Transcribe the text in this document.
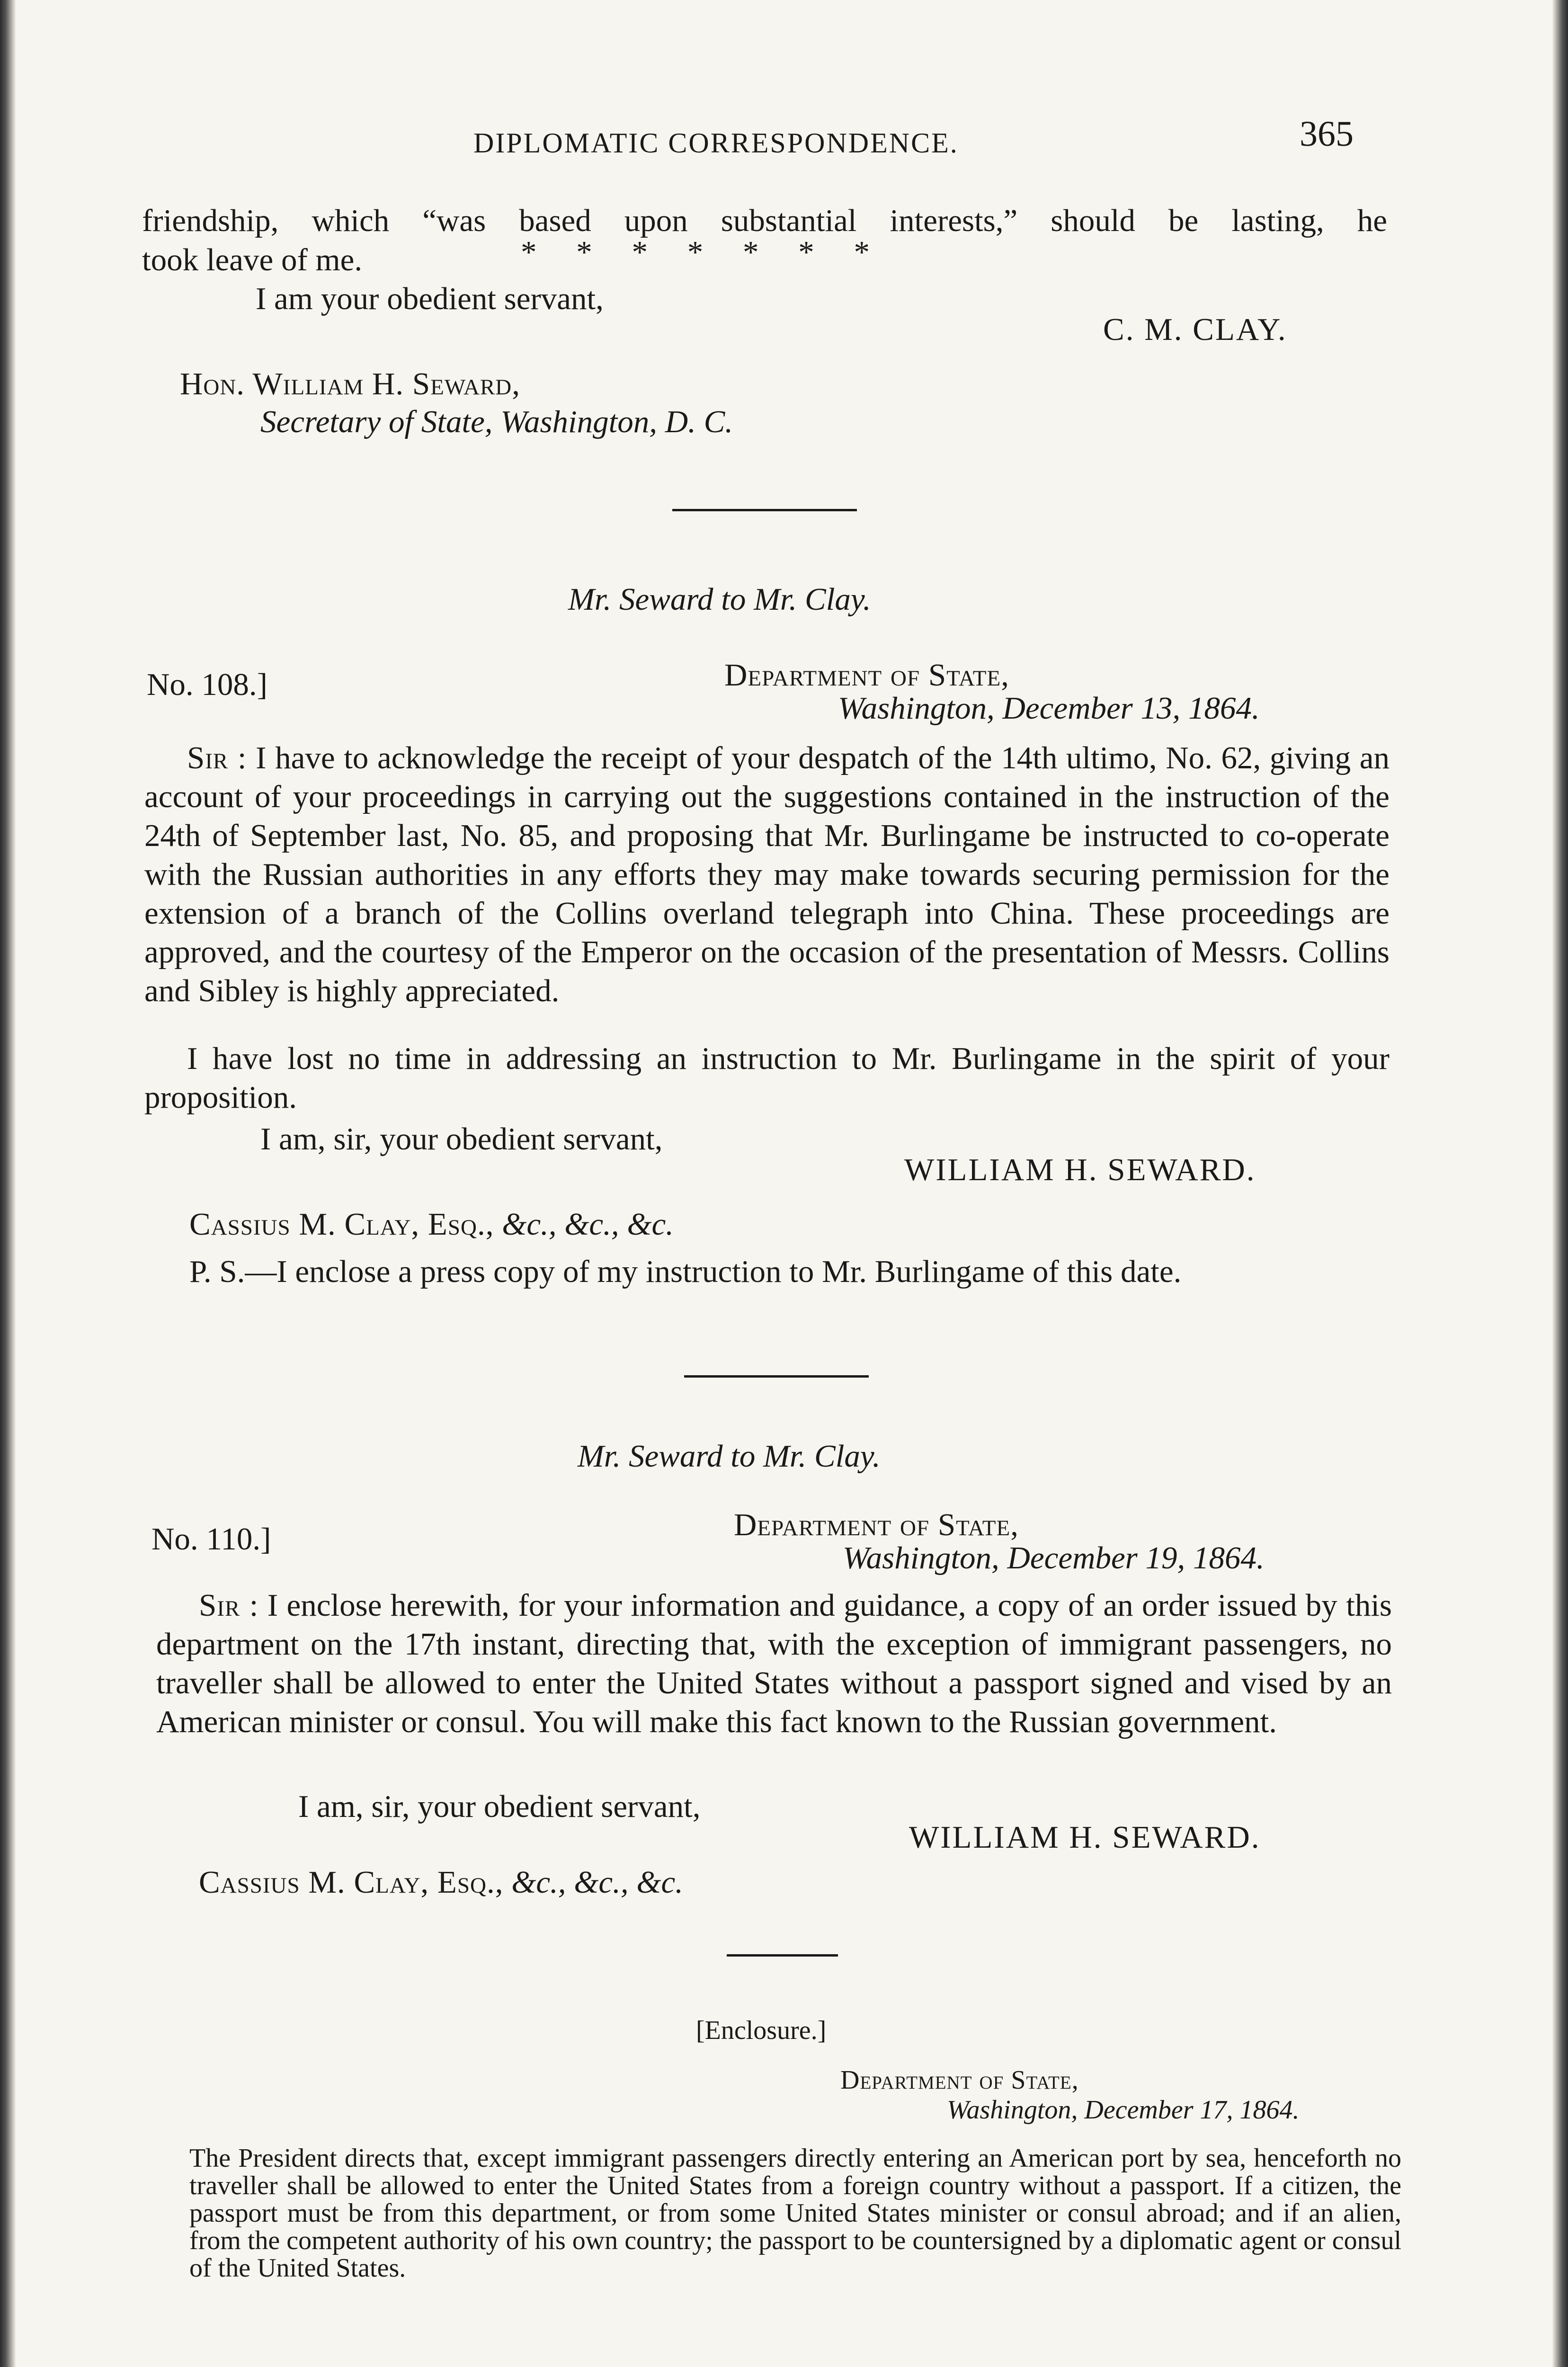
DIPLOMATIC CORRESPONDENCE.	365
friendship, which “was based upon substantial interests,” should be lasting, he
took leave of me.	*     *     *     *     *     *     *
I am your obedient servant,
C. M. CLAY.
Hon. William H. Seward,
Secretary of State, Washington, D. C.
Mr. Seward to Mr. Clay.
No. 108.]	Department of State,
Washington, December 13, 1864.
Sir : I have to acknowledge the receipt of your despatch of the 14th ultimo, No. 62, giving an account of your proceedings in carrying out the suggestions contained in the instruction of the 24th of September last, No. 85, and proposing that Mr. Burlingame be instructed to co-operate with the Russian authorities in any efforts they may make towards securing permission for the extension of a branch of the Collins overland telegraph into China. These proceedings are approved, and the courtesy of the Emperor on the occasion of the presentation of Messrs. Collins and Sibley is highly appreciated.
I have lost no time in addressing an instruction to Mr. Burlingame in the spirit of your proposition.
I am, sir, your obedient servant,
WILLIAM H. SEWARD.
Cassius M. Clay, Esq., &c., &c., &c.
P. S.—I enclose a press copy of my instruction to Mr. Burlingame of this date.
Mr. Seward to Mr. Clay.
No. 110.]	Department of State,
Washington, December 19, 1864.
Sir : I enclose herewith, for your information and guidance, a copy of an order issued by this department on the 17th instant, directing that, with the exception of immigrant passengers, no traveller shall be allowed to enter the United States without a passport signed and vised by an American minister or consul. You will make this fact known to the Russian government.
I am, sir, your obedient servant,
WILLIAM H. SEWARD.
Cassius M. Clay, Esq., &c., &c., &c.
[Enclosure.]
Department of State,
Washington, December 17, 1864.
The President directs that, except immigrant passengers directly entering an American port by sea, henceforth no traveller shall be allowed to enter the United States from a foreign country without a passport. If a citizen, the passport must be from this department, or from some United States minister or consul abroad; and if an alien, from the competent authority of his own country; the passport to be countersigned by a diplomatic agent or consul of the United States.
